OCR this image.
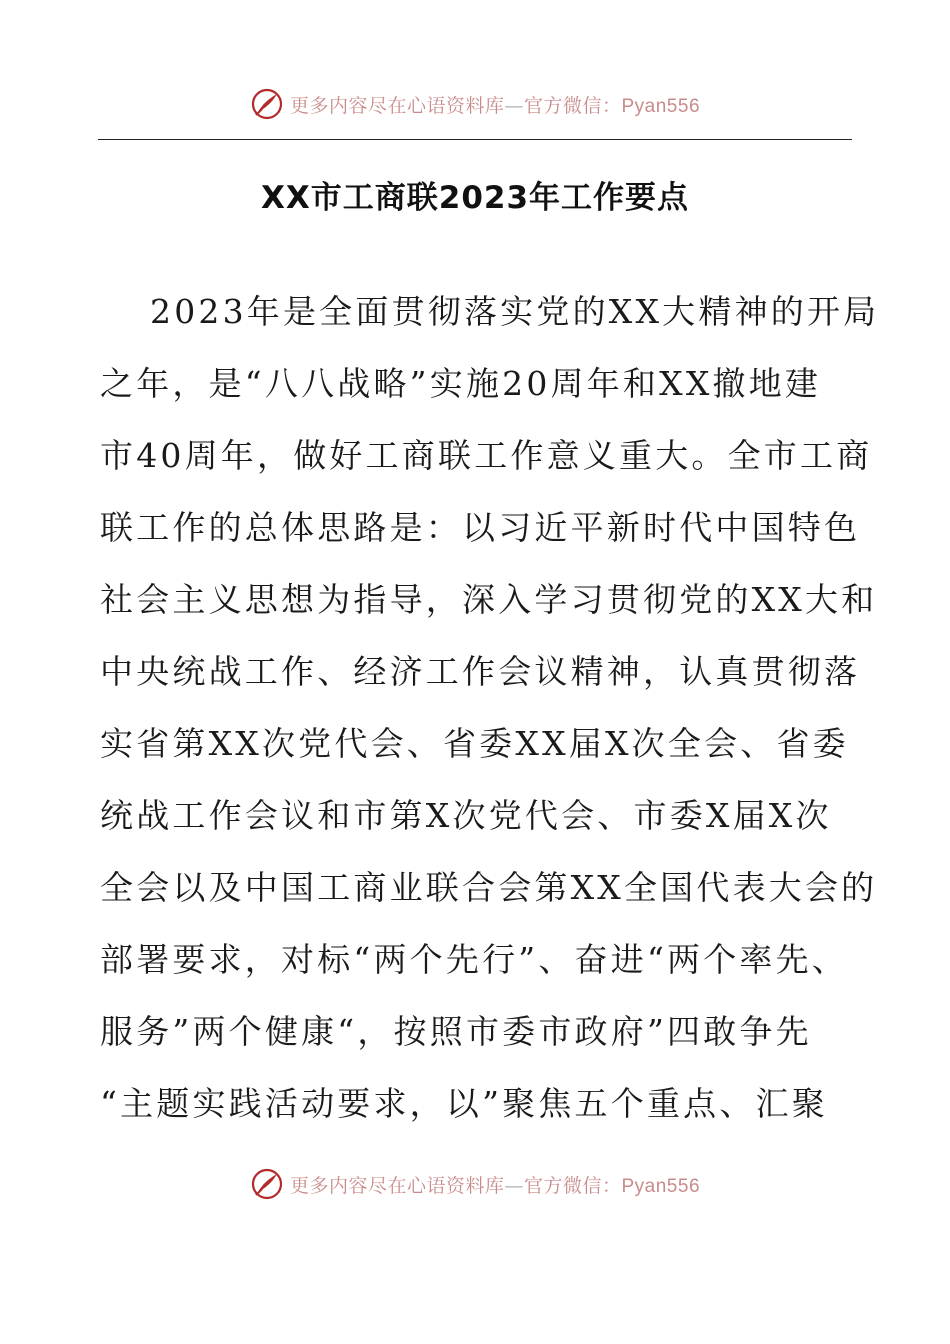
更多内容尽在心语资料库—官方微信：Pyan556
XX市工商联2023年工作要点
2023年是全面贯彻落实党的XX大精神的开局
之年，是“八八战略”实施20周年和XX撤地建
市40周年，做好工商联工作意义重大。全市工商
联工作的总体思路是：以习近平新时代中国特色
社会主义思想为指导，深入学习贯彻党的XX大和
中央统战工作、经济工作会议精神，认真贯彻落
实省第XX次党代会、省委XX届X次全会、省委
统战工作会议和市第X次党代会、市委X届X次
全会以及中国工商业联合会第XX全国代表大会的
部署要求，对标“两个先行”、奋进“两个率先、
服务”两个健康“，按照市委市政府”四敢争先
“主题实践活动要求，以”聚焦五个重点、汇聚
更多内容尽在心语资料库—官方微信：Pyan556
